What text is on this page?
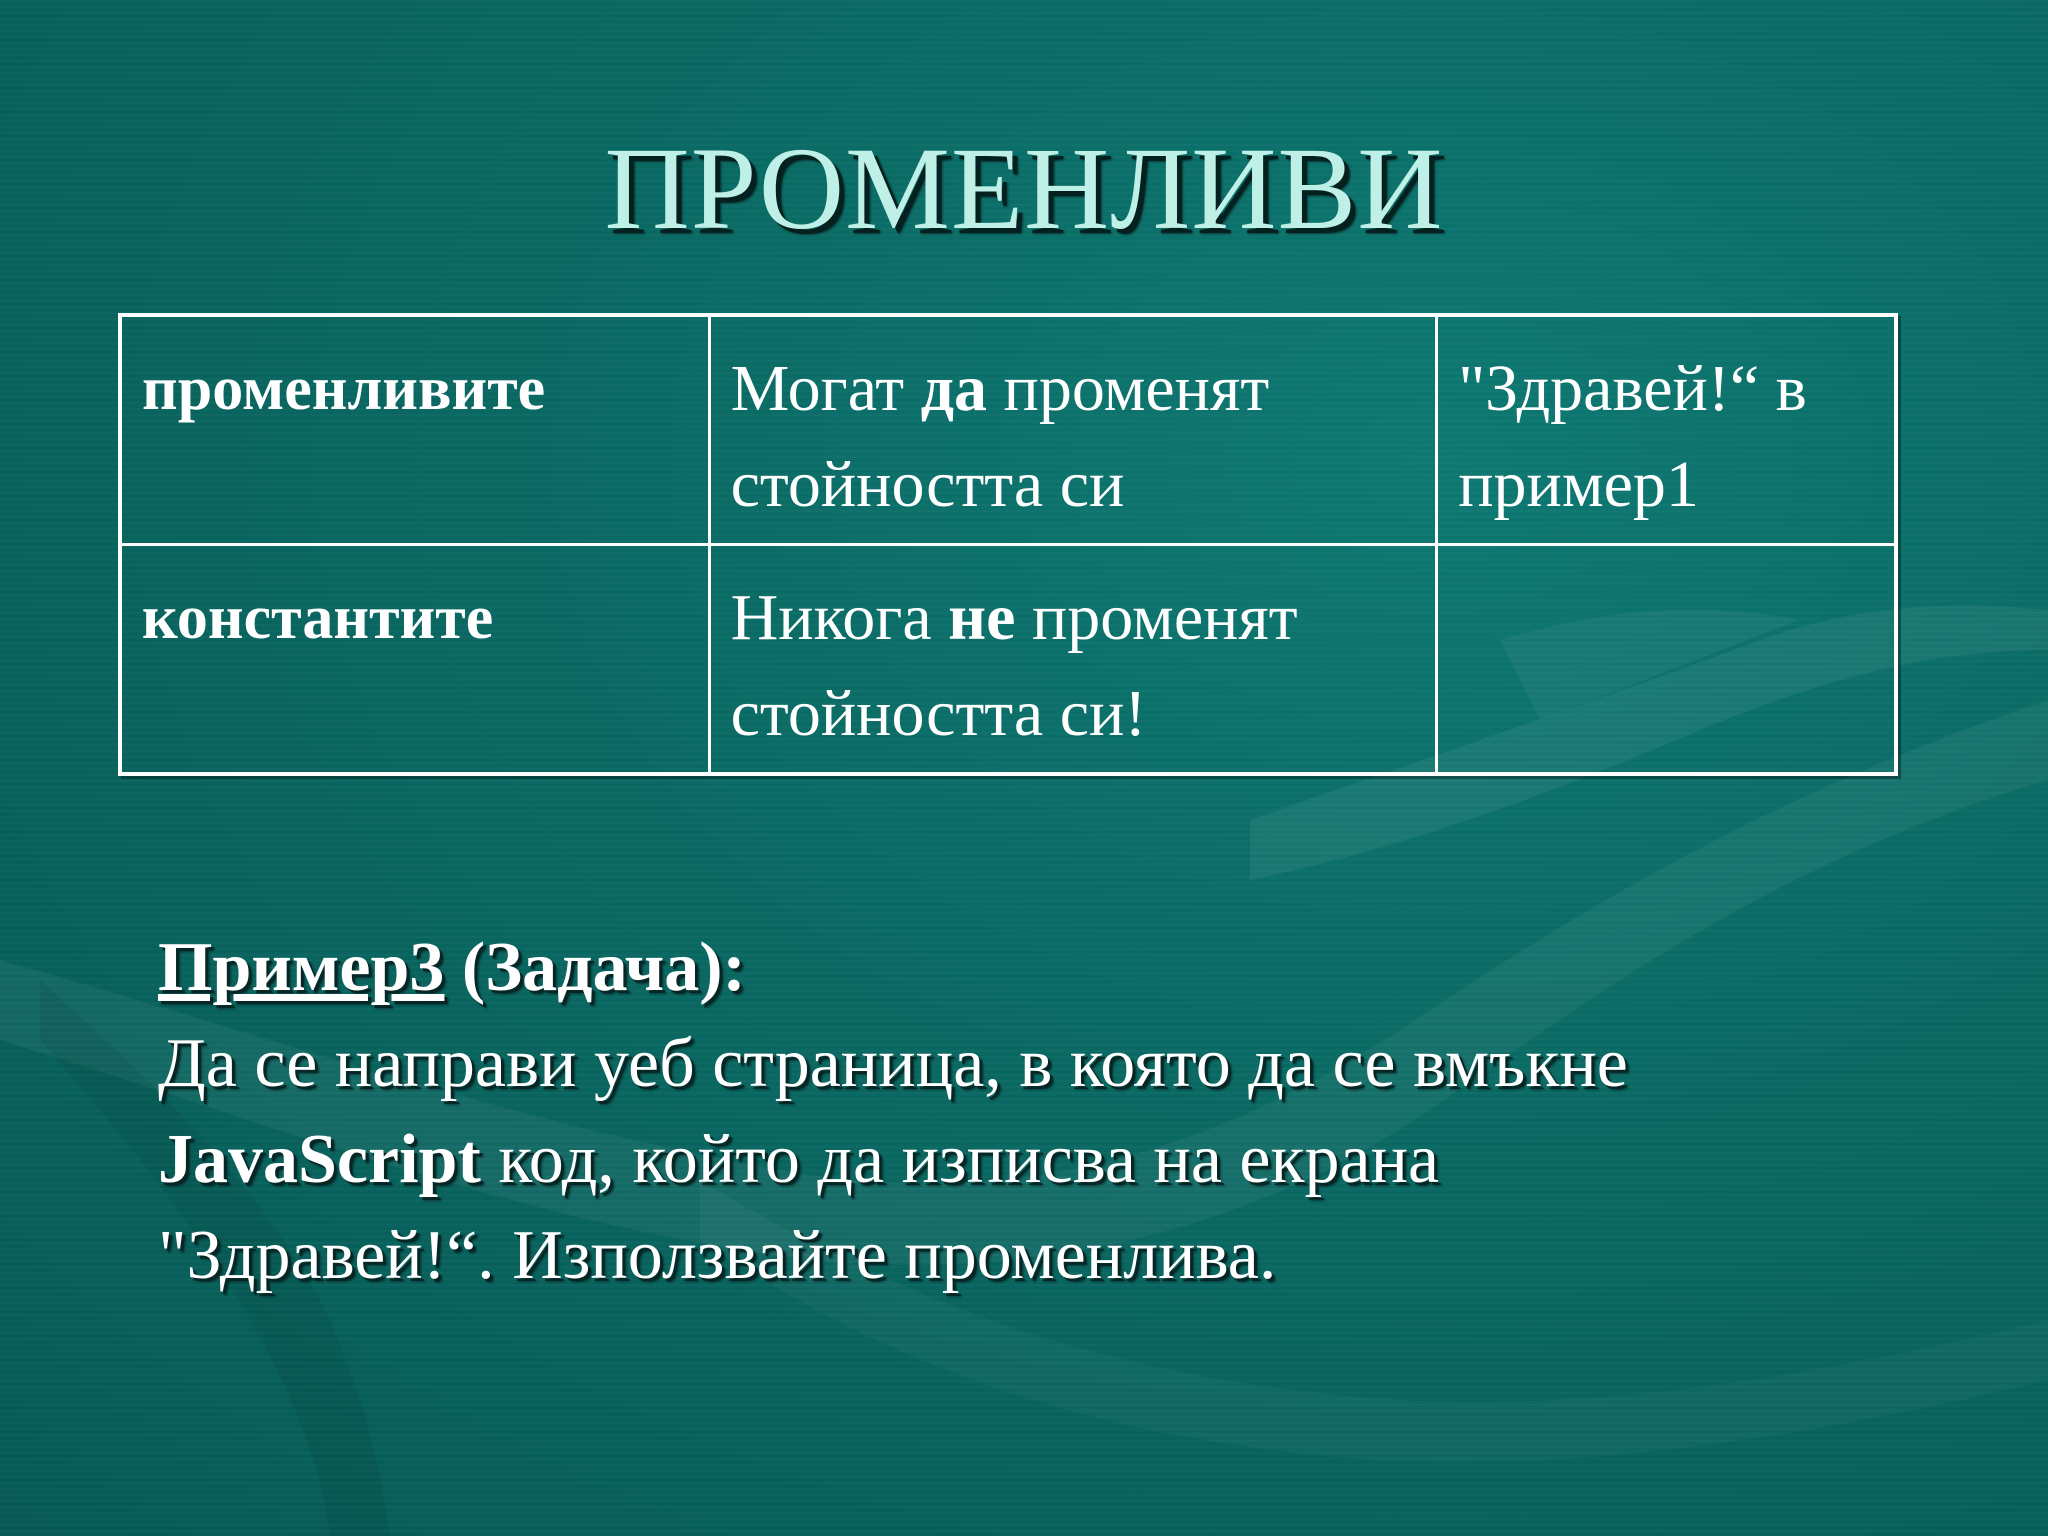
ПРОМЕНЛИВИ
променливите	Могат да променят стойността си	"Здравей!“ в пример1
константите	Никога не променят стойността си!	
Пример3 (Задача):
Да се направи уеб страница, в която да се вмъкне
JavaScript код, който да изписва на екрана
"Здравей!“. Използвайте променлива.
